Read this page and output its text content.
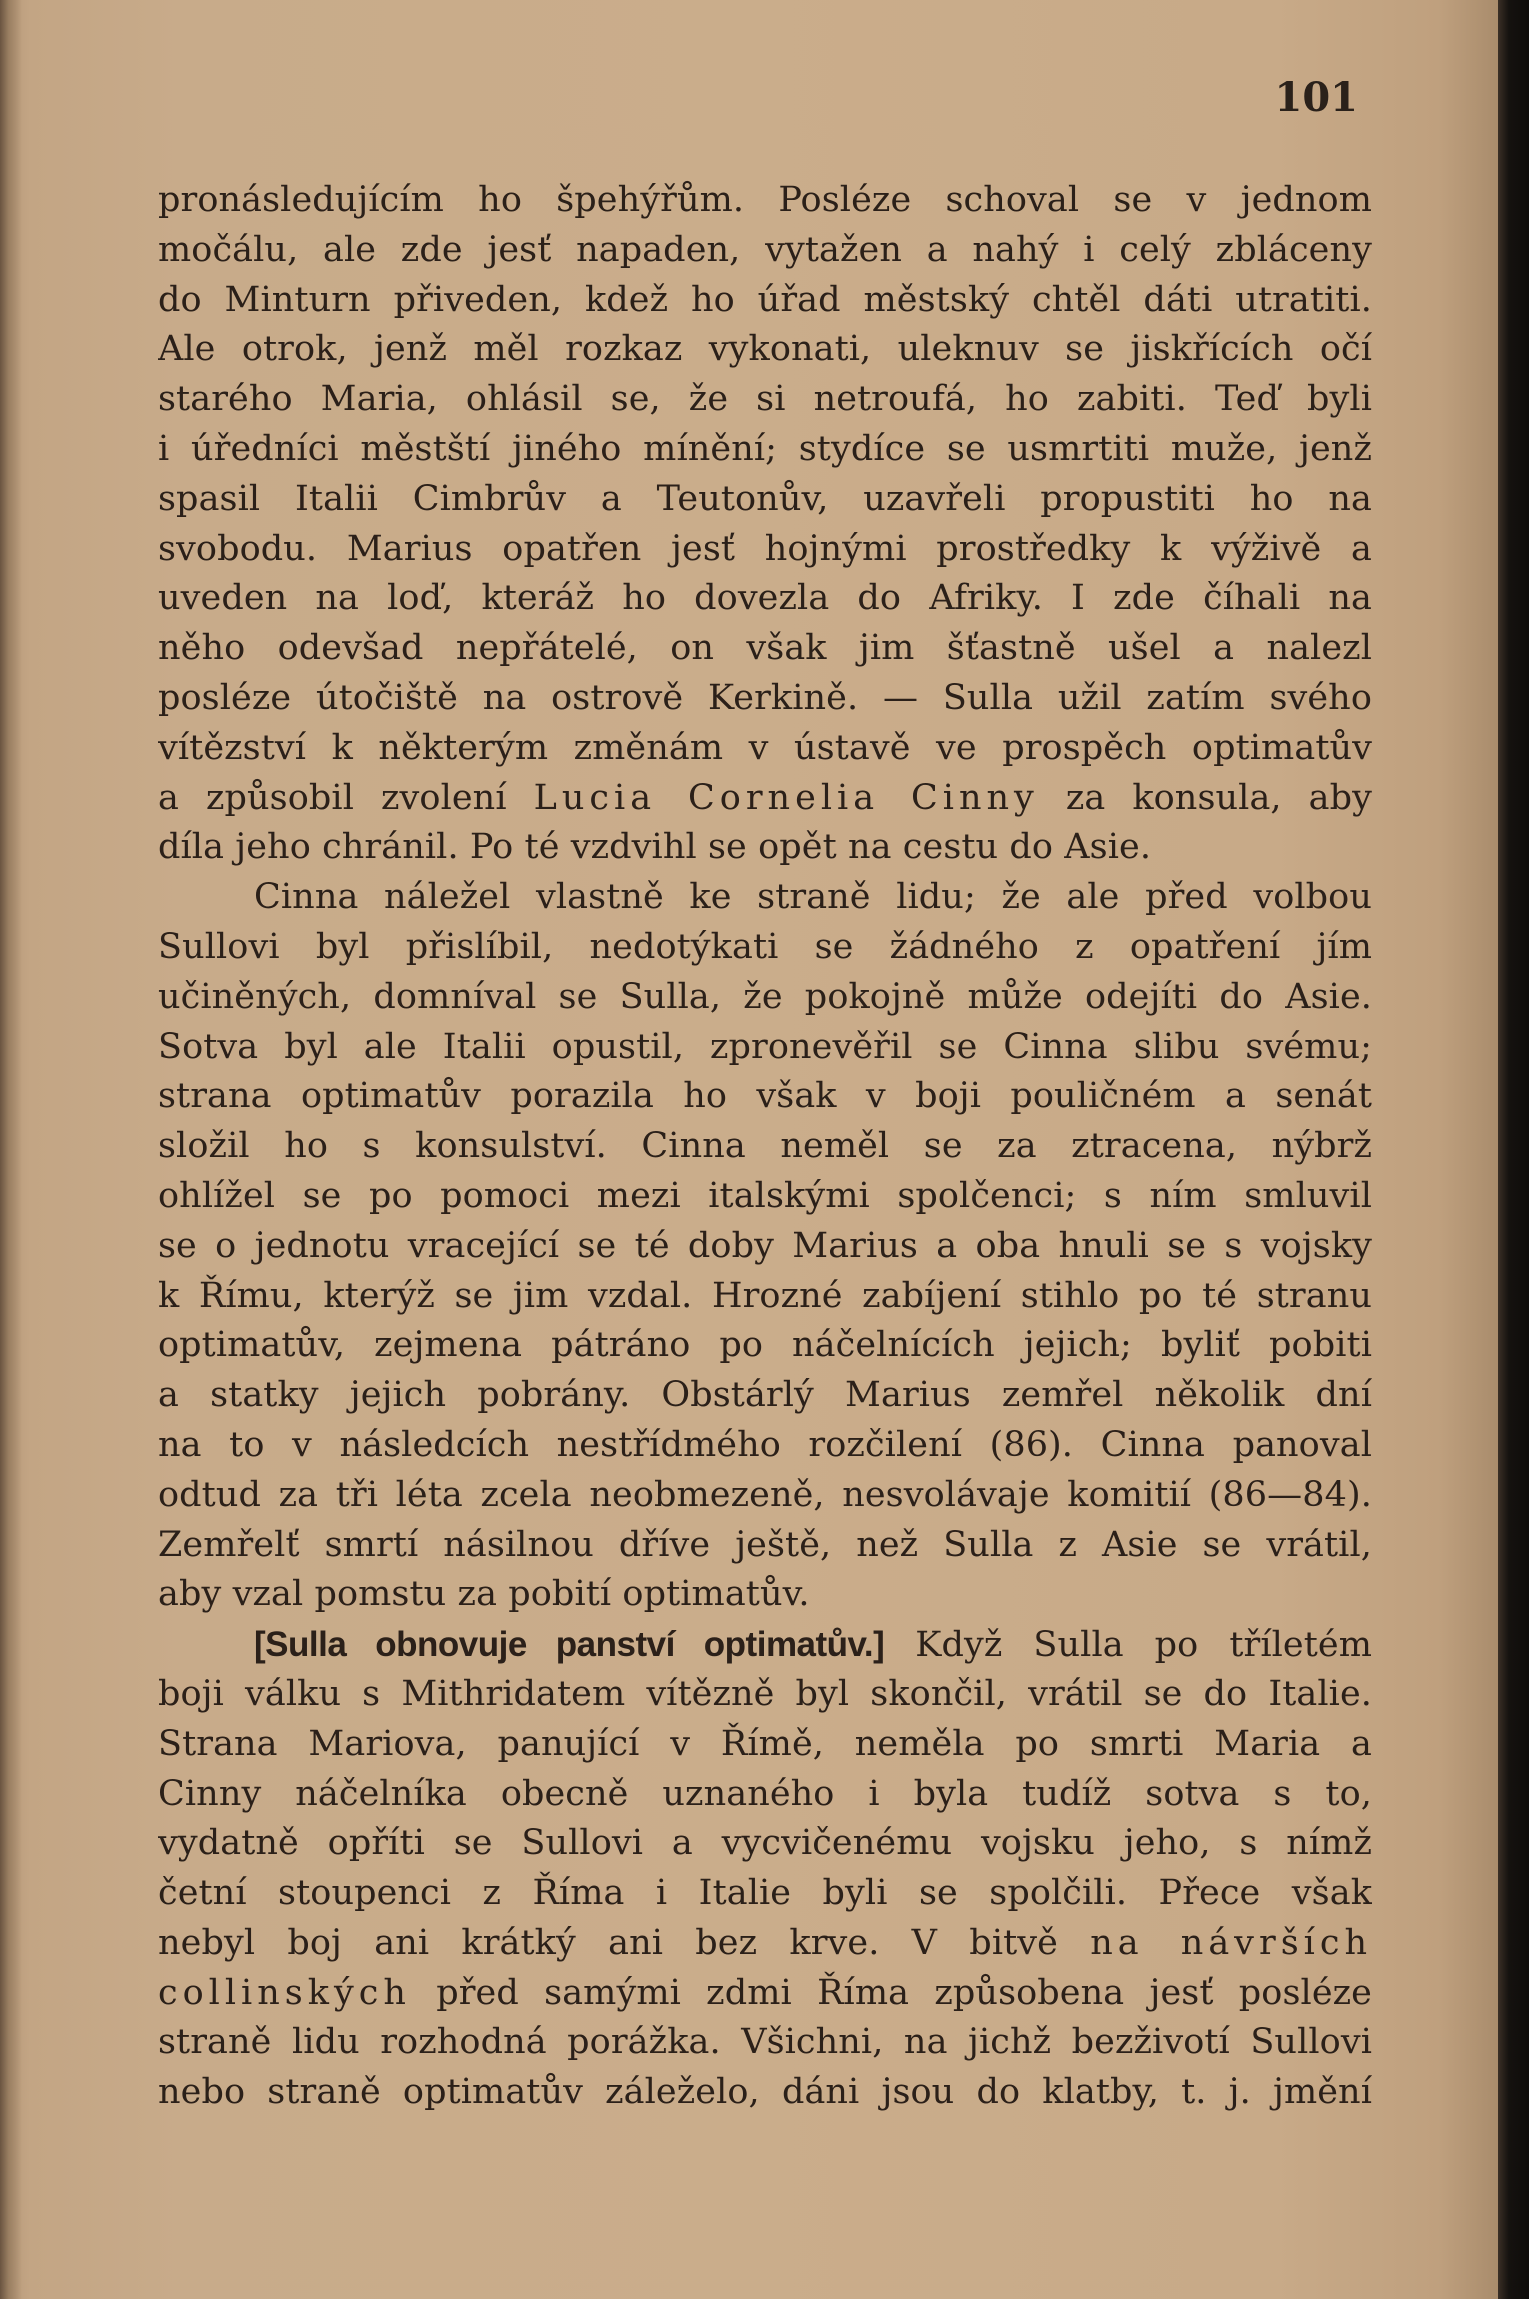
101
pronásledujícím ho špehýřům. Posléze schoval se v jednom
močálu, ale zde jesť napaden, vytažen a nahý i celý zbláceny
do Minturn přiveden, kdež ho úřad městský chtěl dáti utratiti.
Ale otrok, jenž měl rozkaz vykonati, uleknuv se jiskřících očí
starého Maria, ohlásil se, že si netroufá, ho zabiti. Teď byli
i úředníci městští jiného mínění; stydíce se usmrtiti muže, jenž
spasil Italii Cimbrův a Teutonův, uzavřeli propustiti ho na
svobodu. Marius opatřen jesť hojnými prostředky k výživě a
uveden na loď, kteráž ho dovezla do Afriky. I zde číhali na
něho odevšad nepřátelé, on však jim šťastně ušel a nalezl
posléze útočiště na ostrově Kerkině. — Sulla užil zatím svého
vítězství k některým změnám v ústavě ve prospěch optimatův
a způsobil zvolení Lucia Cornelia Cinny za konsula, aby
díla jeho chránil. Po té vzdvihl se opět na cestu do Asie.
Cinna náležel vlastně ke straně lidu; že ale před volbou
Sullovi byl přislíbil, nedotýkati se žádného z opatření jím
učiněných, domníval se Sulla, že pokojně může odejíti do Asie.
Sotva byl ale Italii opustil, zpronevěřil se Cinna slibu svému;
strana optimatův porazila ho však v boji pouličném a senát
složil ho s konsulství. Cinna neměl se za ztracena, nýbrž
ohlížel se po pomoci mezi italskými spolčenci; s ním smluvil
se o jednotu vracející se té doby Marius a oba hnuli se s vojsky
k Římu, kterýž se jim vzdal. Hrozné zabíjení stihlo po té stranu
optimatův, zejmena pátráno po náčelnících jejich; byliť pobiti
a statky jejich pobrány. Obstárlý Marius zemřel několik dní
na to v následcích nestřídmého rozčilení (86). Cinna panoval
odtud za tři léta zcela neobmezeně, nesvolávaje komitií (86—84).
Zemřelť smrtí násilnou dříve ještě, než Sulla z Asie se vrátil,
aby vzal pomstu za pobití optimatův.
[Sulla obnovuje panství optimatův.] Když Sulla po tříletém
boji válku s Mithridatem vítězně byl skončil, vrátil se do Italie.
Strana Mariova, panující v Římě, neměla po smrti Maria a
Cinny náčelníka obecně uznaného i byla tudíž sotva s to,
vydatně opříti se Sullovi a vycvičenému vojsku jeho, s nímž
četní stoupenci z Říma i Italie byli se spolčili. Přece však
nebyl boj ani krátký ani bez krve. V bitvě na návrších
collinských před samými zdmi Říma způsobena jesť posléze
straně lidu rozhodná porážka. Všichni, na jichž bezživotí Sullovi
nebo straně optimatův záleželo, dáni jsou do klatby, t. j. jmění
